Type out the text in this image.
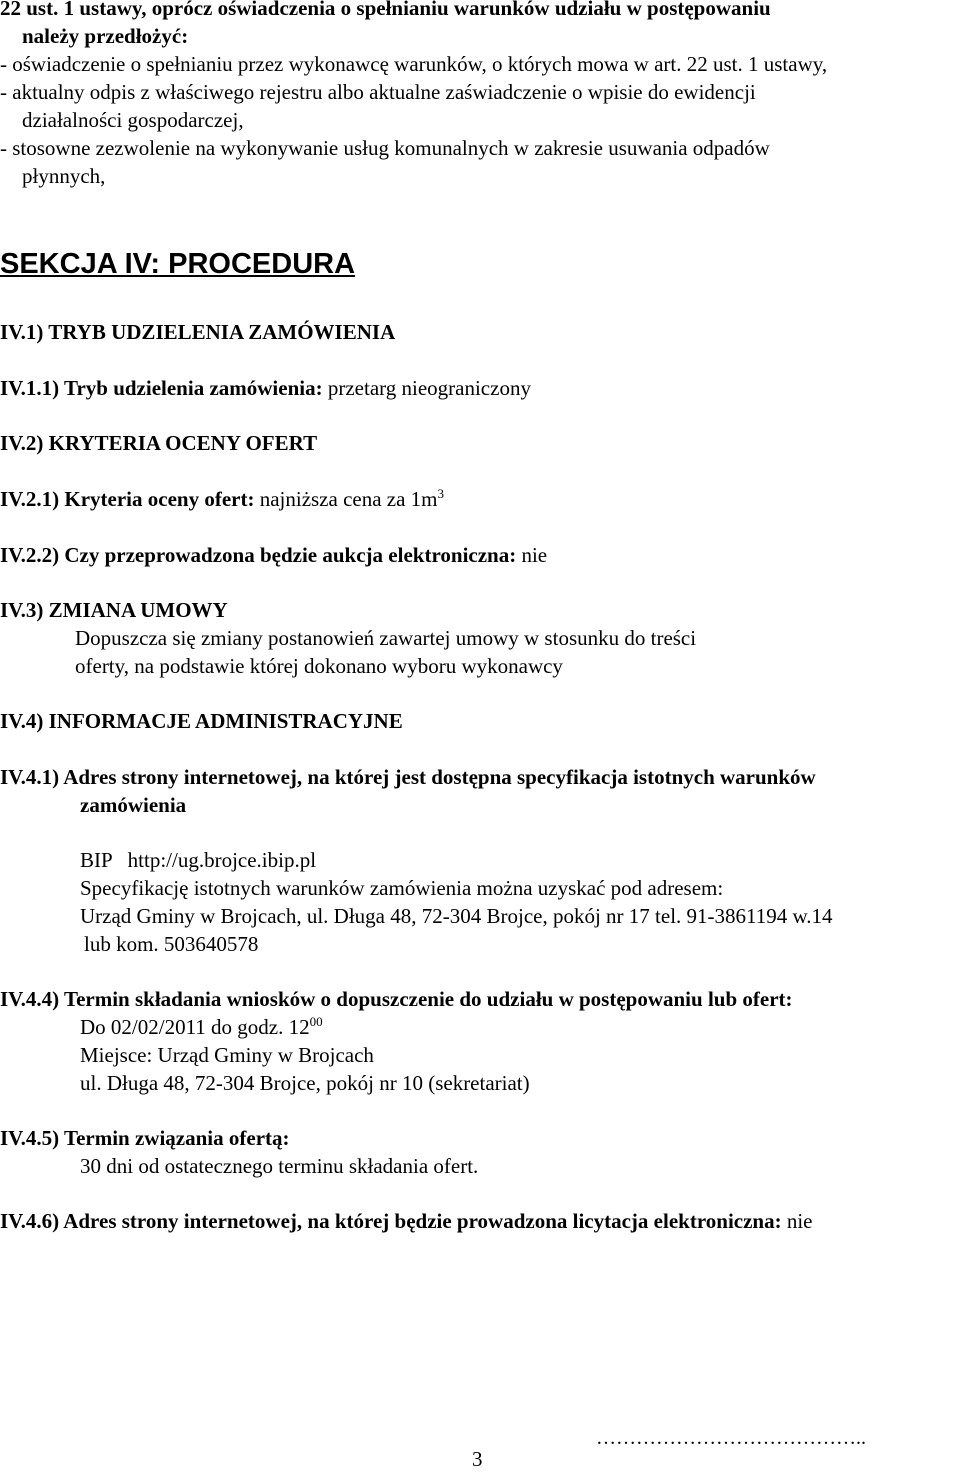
22 ust. 1 ustawy, oprócz oświadczenia o spełnianiu warunków udziału w postępowaniu
należy przedłożyć:
- oświadczenie o spełnianiu przez wykonawcę warunków, o których mowa w art. 22 ust. 1 ustawy,
- aktualny odpis z właściwego rejestru albo aktualne zaświadczenie o wpisie do ewidencji
działalności gospodarczej,
- stosowne zezwolenie na wykonywanie usług komunalnych w zakresie usuwania odpadów
płynnych,
SEKCJA IV: PROCEDURA
IV.1) TRYB UDZIELENIA ZAMÓWIENIA
IV.1.1) Tryb udzielenia zamówienia: przetarg nieograniczony
IV.2) KRYTERIA OCENY OFERT
IV.2.1) Kryteria oceny ofert: najniższa cena za $1m^3$
IV.2.2) Czy przeprowadzona będzie aukcja elektroniczna: nie
IV.3) ZMIANA UMOWY
Dopuszcza się zmiany postanowień zawartej umowy w stosunku do treści
oferty, na podstawie której dokonano wyboru wykonawcy
IV.4) INFORMACJE ADMINISTRACYJNE
IV.4.1) Adres strony internetowej, na której jest dostępna specyfikacja istotnych warunków
zamówienia
BIP   http://ug.brojce.ibip.pl
Specyfikację istotnych warunków zamówienia można uzyskać pod adresem:
Urząd Gminy w Brojcach, ul. Długa 48, 72-304 Brojce, pokój nr 17 tel. 91-3861194 w.14
lub kom. 503640578
IV.4.4) Termin składania wniosków o dopuszczenie do udziału w postępowaniu lub ofert:
Do 02/02/2011 do godz. $12^{00}$
Miejsce: Urząd Gminy w Brojcach
ul. Długa 48, 72-304 Brojce, pokój nr 10 (sekretariat)
IV.4.5) Termin związania ofertą:
30 dni od ostatecznego terminu składania ofert.
IV.4.6) Adres strony internetowej, na której będzie prowadzona licytacja elektroniczna: nie
…………………………………..
3
